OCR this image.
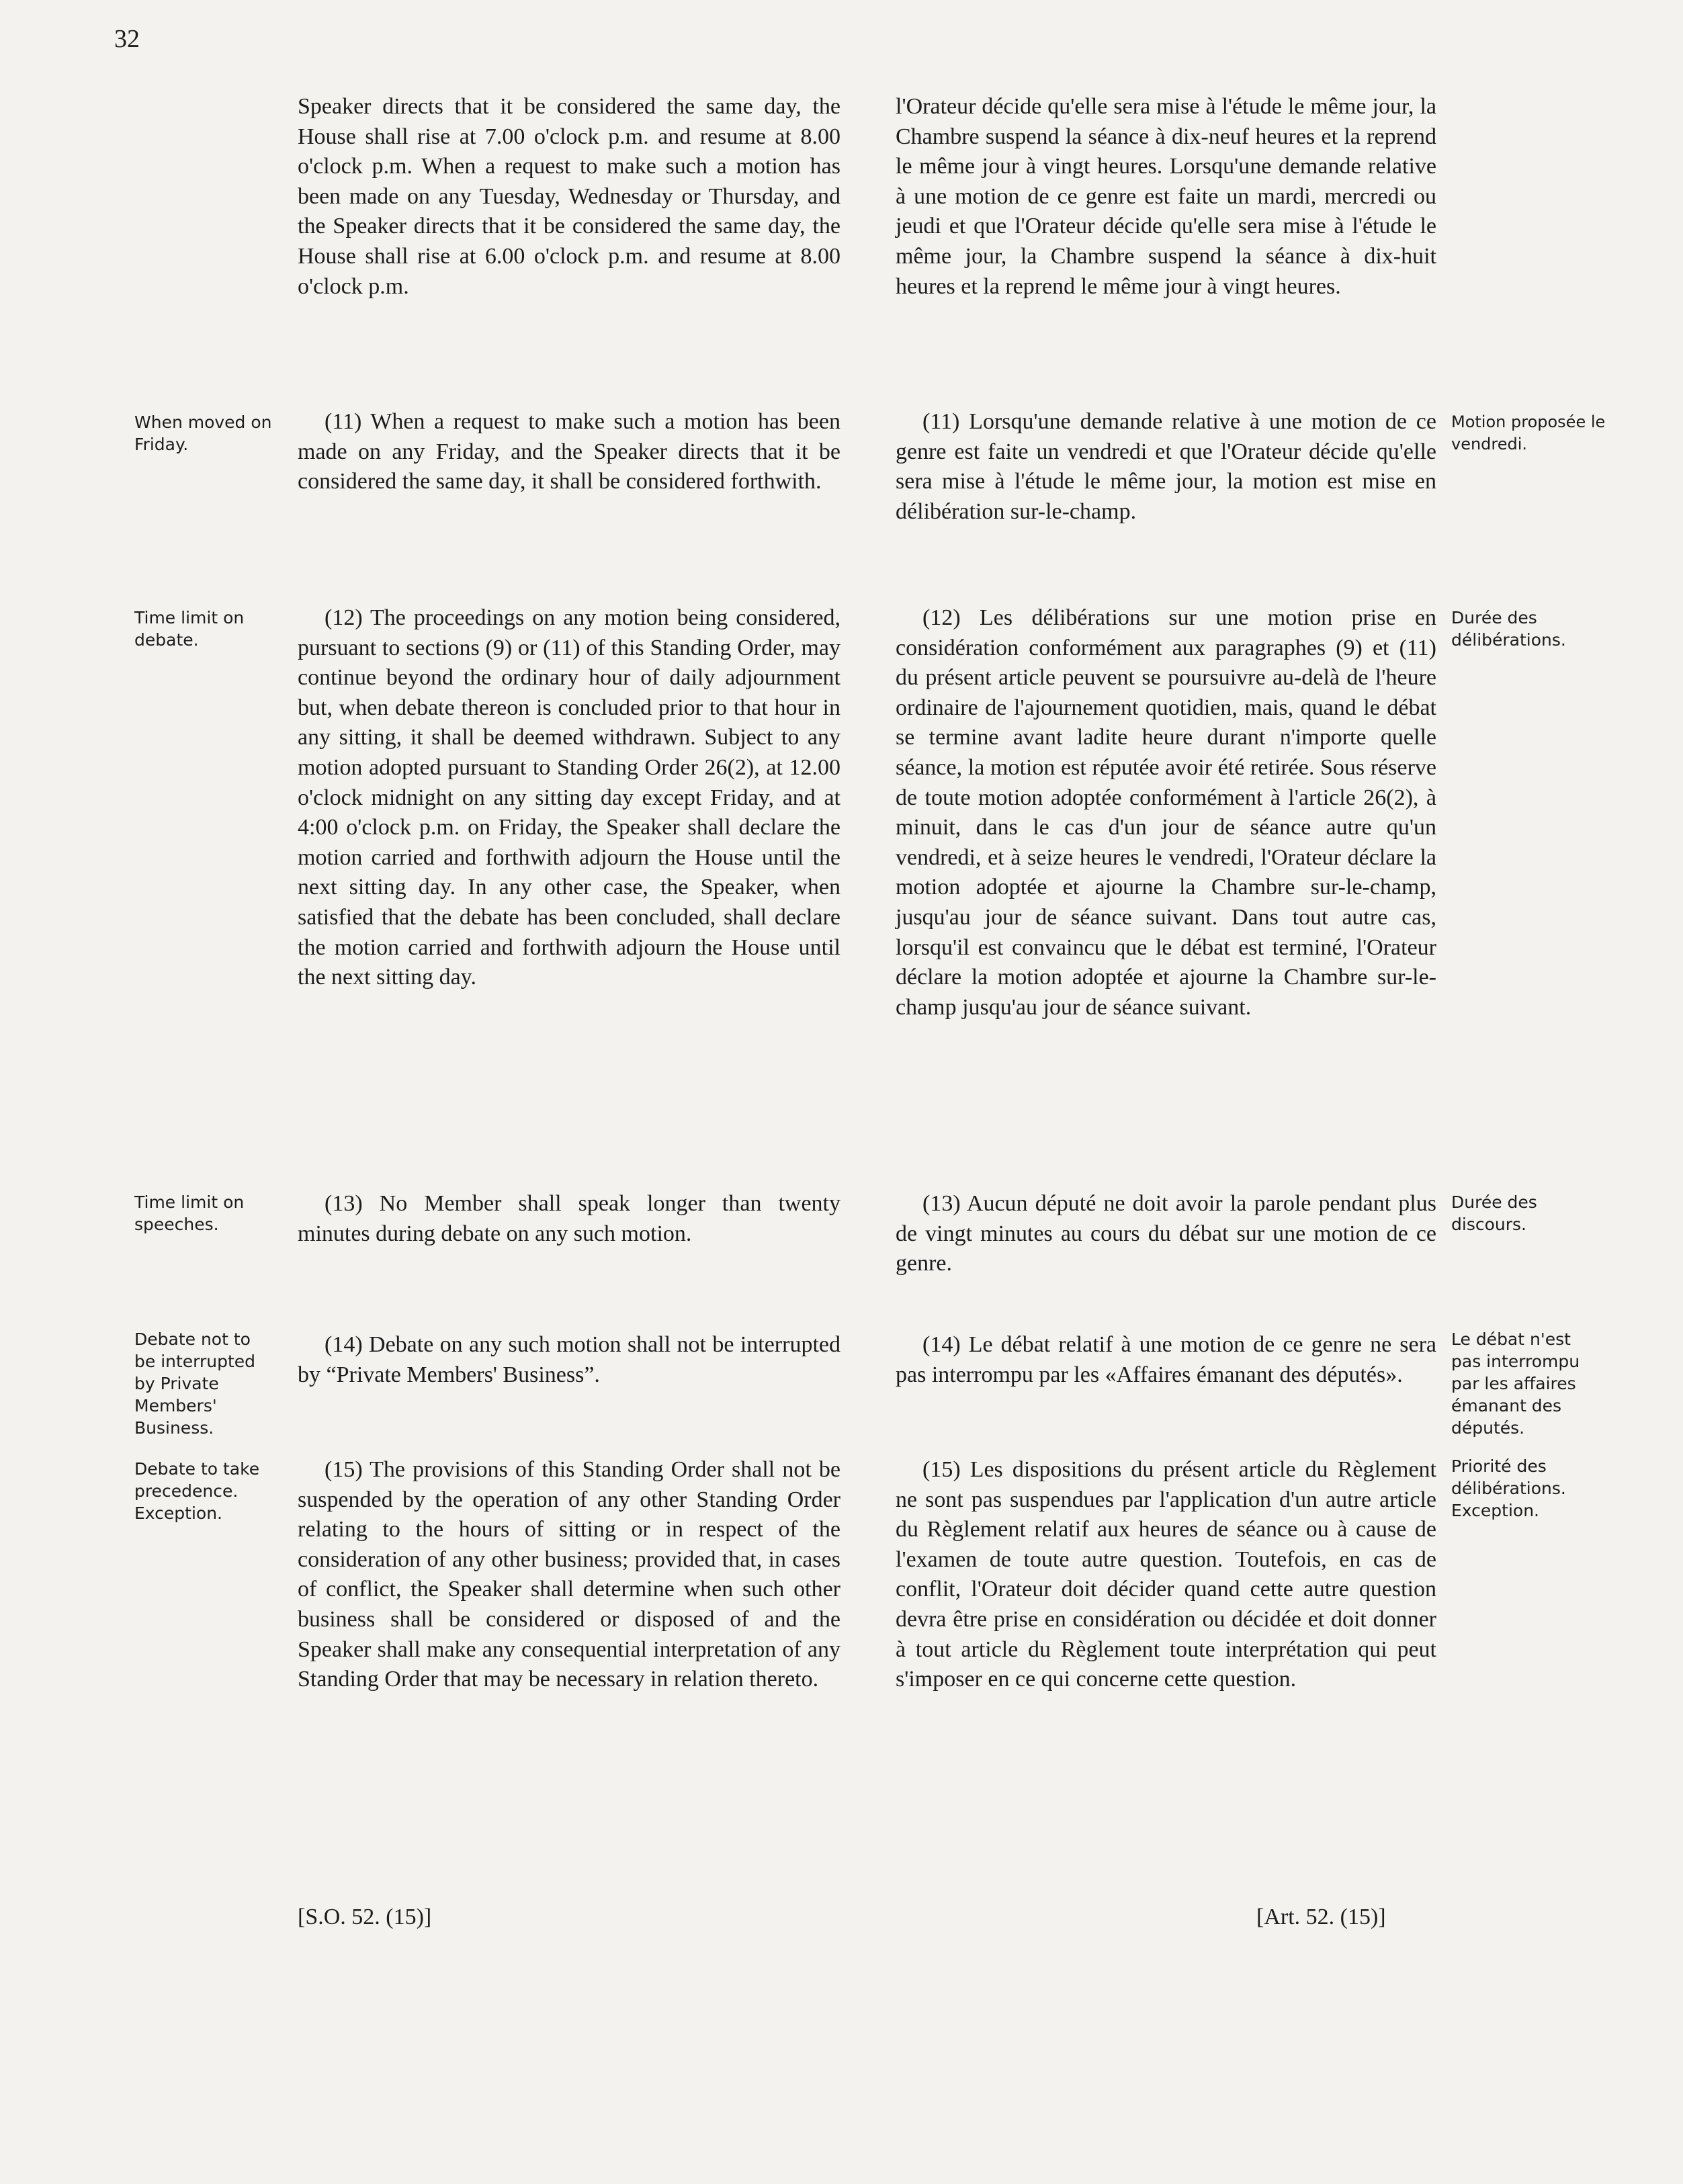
32
Speaker directs that it be considered the same day, the House shall rise at 7.00 o'clock p.m. and resume at 8.00 o'clock p.m. When a request to make such a motion has been made on any Tuesday, Wednesday or Thursday, and the Speaker directs that it be considered the same day, the House shall rise at 6.00 o'clock p.m. and resume at 8.00 o'clock p.m.
(11) When a request to make such a motion has been made on any Friday, and the Speaker directs that it be considered the same day, it shall be considered forthwith.
(12) The proceedings on any motion being considered, pursuant to sections (9) or (11) of this Standing Order, may continue beyond the ordinary hour of daily adjournment but, when debate thereon is concluded prior to that hour in any sitting, it shall be deemed withdrawn. Subject to any motion adopted pursuant to Standing Order 26(2), at 12.00 o'clock midnight on any sitting day except Friday, and at 4:00 o'clock p.m. on Friday, the Speaker shall declare the motion carried and forthwith adjourn the House until the next sitting day. In any other case, the Speaker, when satisfied that the debate has been concluded, shall declare the motion carried and forthwith adjourn the House until the next sitting day.
(13) No Member shall speak longer than twenty minutes during debate on any such motion.
(14) Debate on any such motion shall not be interrupted by “Private Members' Business”.
(15) The provisions of this Standing Order shall not be suspended by the operation of any other Standing Order relating to the hours of sitting or in respect of the consideration of any other business; provided that, in cases of conflict, the Speaker shall determine when such other business shall be considered or disposed of and the Speaker shall make any consequential interpretation of any Standing Order that may be necessary in relation thereto.
[S.O. 52. (15)]
l'Orateur décide qu'elle sera mise à l'étude le même jour, la Chambre suspend la séance à dix-neuf heures et la reprend le même jour à vingt heures. Lorsqu'une demande relative à une motion de ce genre est faite un mardi, mercredi ou jeudi et que l'Orateur décide qu'elle sera mise à l'étude le même jour, la Chambre suspend la séance à dix-huit heures et la reprend le même jour à vingt heures.
(11) Lorsqu'une demande relative à une motion de ce genre est faite un vendredi et que l'Orateur décide qu'elle sera mise à l'étude le même jour, la motion est mise en délibération sur-le-champ.
(12) Les délibérations sur une motion prise en considération conformément aux paragraphes (9) et (11) du présent article peuvent se poursuivre au-delà de l'heure ordinaire de l'ajournement quotidien, mais, quand le débat se termine avant ladite heure durant n'importe quelle séance, la motion est réputée avoir été retirée. Sous réserve de toute motion adoptée conformément à l'article 26(2), à minuit, dans le cas d'un jour de séance autre qu'un vendredi, et à seize heures le vendredi, l'Orateur déclare la motion adoptée et ajourne la Chambre sur-le-champ, jusqu'au jour de séance suivant. Dans tout autre cas, lorsqu'il est convaincu que le débat est terminé, l'Orateur déclare la motion adoptée et ajourne la Chambre sur-le-champ jusqu'au jour de séance suivant.
(13) Aucun député ne doit avoir la parole pendant plus de vingt minutes au cours du débat sur une motion de ce genre.
(14) Le débat relatif à une motion de ce genre ne sera pas interrompu par les «Affaires émanant des députés».
(15) Les dispositions du présent article du Règlement ne sont pas suspendues par l'application d'un autre article du Règlement relatif aux heures de séance ou à cause de l'examen de toute autre question. Toutefois, en cas de conflit, l'Orateur doit décider quand cette autre question devra être prise en considération ou décidée et doit donner à tout article du Règlement toute interprétation qui peut s'imposer en ce qui concerne cette question.
[Art. 52. (15)]
When moved on Friday.
Time limit on debate.
Time limit on speeches.
Debate not to be interrupted by Private Members' Business.
Debate to take precedence. Exception.
Motion proposée le vendredi.
Durée des délibérations.
Durée des discours.
Le débat n'est pas interrompu par les affaires émanant des députés.
Priorité des délibérations. Exception.
